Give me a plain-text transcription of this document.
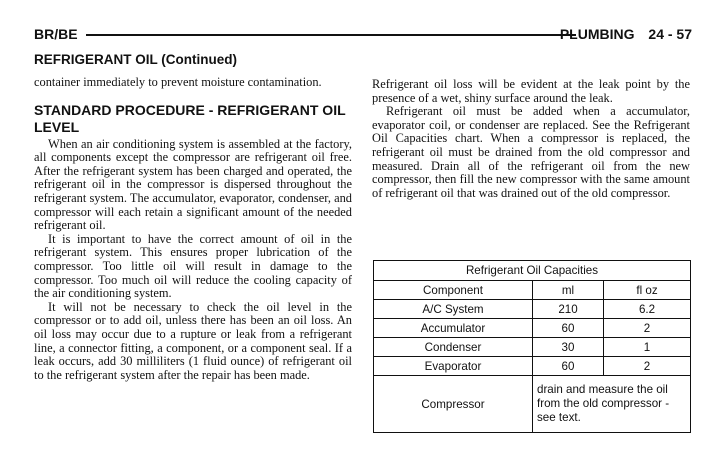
BR/BE	PLUMBING 24 - 57
REFRIGERANT OIL (Continued)

container immediately to prevent moisture contamination.

STANDARD PROCEDURE - REFRIGERANT OIL LEVEL

When an air conditioning system is assembled at the factory, all components except the compressor are refrigerant oil free. After the refrigerant system has been charged and operated, the refrigerant oil in the compressor is dispersed throughout the refrigerant system. The accumulator, evaporator, condenser, and compressor will each retain a significant amount of the needed refrigerant oil.

It is important to have the correct amount of oil in the refrigerant system. This ensures proper lubrication of the compressor. Too little oil will result in damage to the compressor. Too much oil will reduce the cooling capacity of the air conditioning system.

It will not be necessary to check the oil level in the compressor or to add oil, unless there has been an oil loss. An oil loss may occur due to a rupture or leak from a refrigerant line, a connector fitting, a component, or a component seal. If a leak occurs, add 30 milliliters (1 fluid ounce) of refrigerant oil to the refrigerant system after the repair has been made.

Refrigerant oil loss will be evident at the leak point by the presence of a wet, shiny surface around the leak.

Refrigerant oil must be added when a accumulator, evaporator coil, or condenser are replaced. See the Refrigerant Oil Capacities chart. When a compressor is replaced, the refrigerant oil must be drained from the old compressor and measured. Drain all of the refrigerant oil from the new compressor, then fill the new compressor with the same amount of refrigerant oil that was drained out of the old compressor.

Refrigerant Oil Capacities		
Component	ml	fl oz
A/C System	210	6.2
Accumulator	60	2
Condenser	30	1
Evaporator	60	2
Compressor	drain and measure the oil from the old compressor - see text.	
